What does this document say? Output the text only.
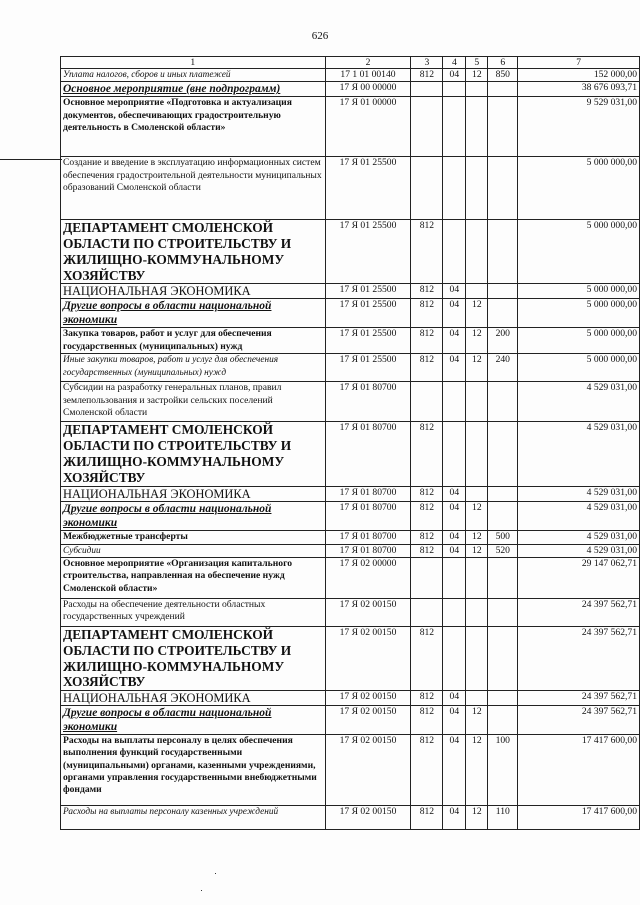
626
1	2	3	4	5	6	7
Уплата налогов, сборов и иных платежей	17 1 01 00140	812	04	12	850	152 000,00
Основное мероприятие (вне подпрограмм)	17 Я 00 00000					38 676 093,71
Основное мероприятие «Подготовка и актуализация документов, обеспечивающих градостроительную деятельность в Смоленской области»	17 Я 01 00000					9 529 031,00
Создание и введение в эксплуатацию информационных систем обеспечения градостроительной деятельности муниципальных образований Смоленской области	17 Я 01 25500					5 000 000,00
ДЕПАРТАМЕНТ СМОЛЕНСКОЙ ОБЛАСТИ ПО СТРОИТЕЛЬСТВУ И ЖИЛИЩНО-КОММУНАЛЬНОМУ ХОЗЯЙСТВУ	17 Я 01 25500	812				5 000 000,00
НАЦИОНАЛЬНАЯ ЭКОНОМИКА	17 Я 01 25500	812	04			5 000 000,00
Другие вопросы в области национальной экономики	17 Я 01 25500	812	04	12		5 000 000,00
Закупка товаров, работ и услуг для обеспечения государственных (муниципальных) нужд	17 Я 01 25500	812	04	12	200	5 000 000,00
Иные закупки товаров, работ и услуг для обеспечения государственных (муниципальных) нужд	17 Я 01 25500	812	04	12	240	5 000 000,00
Субсидии на разработку генеральных планов, правил землепользования и застройки сельских поселений Смоленской области	17 Я 01 80700					4 529 031,00
ДЕПАРТАМЕНТ СМОЛЕНСКОЙ ОБЛАСТИ ПО СТРОИТЕЛЬСТВУ И ЖИЛИЩНО-КОММУНАЛЬНОМУ ХОЗЯЙСТВУ	17 Я 01 80700	812				4 529 031,00
НАЦИОНАЛЬНАЯ ЭКОНОМИКА	17 Я 01 80700	812	04			4 529 031,00
Другие вопросы в области национальной экономики	17 Я 01 80700	812	04	12		4 529 031,00
Межбюджетные трансферты	17 Я 01 80700	812	04	12	500	4 529 031,00
Субсидии	17 Я 01 80700	812	04	12	520	4 529 031,00
Основное мероприятие «Организация капитального строительства, направленная на обеспечение нужд Смоленской области»	17 Я 02 00000					29 147 062,71
Расходы на обеспечение деятельности областных государственных учреждений	17 Я 02 00150					24 397 562,71
ДЕПАРТАМЕНТ СМОЛЕНСКОЙ ОБЛАСТИ ПО СТРОИТЕЛЬСТВУ И ЖИЛИЩНО-КОММУНАЛЬНОМУ ХОЗЯЙСТВУ	17 Я 02 00150	812				24 397 562,71
НАЦИОНАЛЬНАЯ ЭКОНОМИКА	17 Я 02 00150	812	04			24 397 562,71
Другие вопросы в области национальной экономики	17 Я 02 00150	812	04	12		24 397 562,71
Расходы на выплаты персоналу в целях обеспечения выполнения функций государственными (муниципальными) органами, казенными учреждениями, органами управления государственными внебюджетными фондами	17 Я 02 00150	812	04	12	100	17 417 600,00
Расходы на выплаты персоналу казенных учреждений	17 Я 02 00150	812	04	12	110	17 417 600,00
